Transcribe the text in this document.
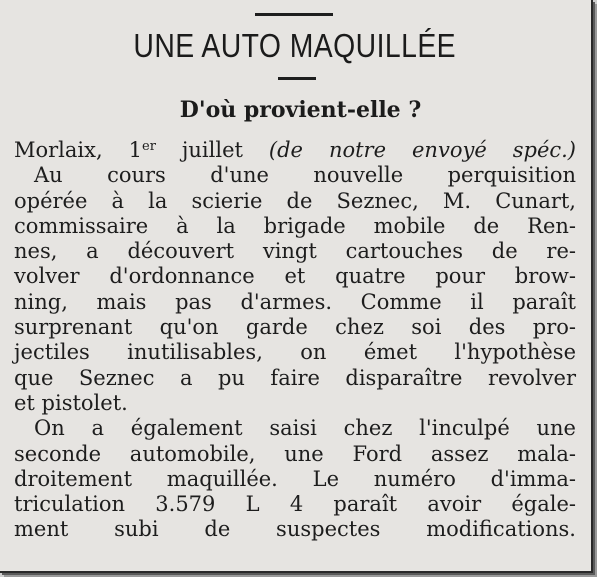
UNE AUTO MAQUILLÉE
D'où provient-elle ?
Morlaix, 1er juillet (de notre envoyé spéc.)
Au cours d'une nouvelle perquisition
opérée à la scierie de Seznec, M. Cunart,
commissaire à la brigade mobile de Ren-
nes, a découvert vingt cartouches de re-
volver d'ordonnance et quatre pour brow-
ning, mais pas d'armes. Comme il paraît
surprenant qu'on garde chez soi des pro-
jectiles inutilisables, on émet l'hypothèse
que Seznec a pu faire disparaître revolver
et pistolet.
On a également saisi chez l'inculpé une
seconde automobile, une Ford assez mala-
droitement maquillée. Le numéro d'imma-
triculation 3.579 L 4 paraît avoir égale-
ment subi de suspectes modifications.
